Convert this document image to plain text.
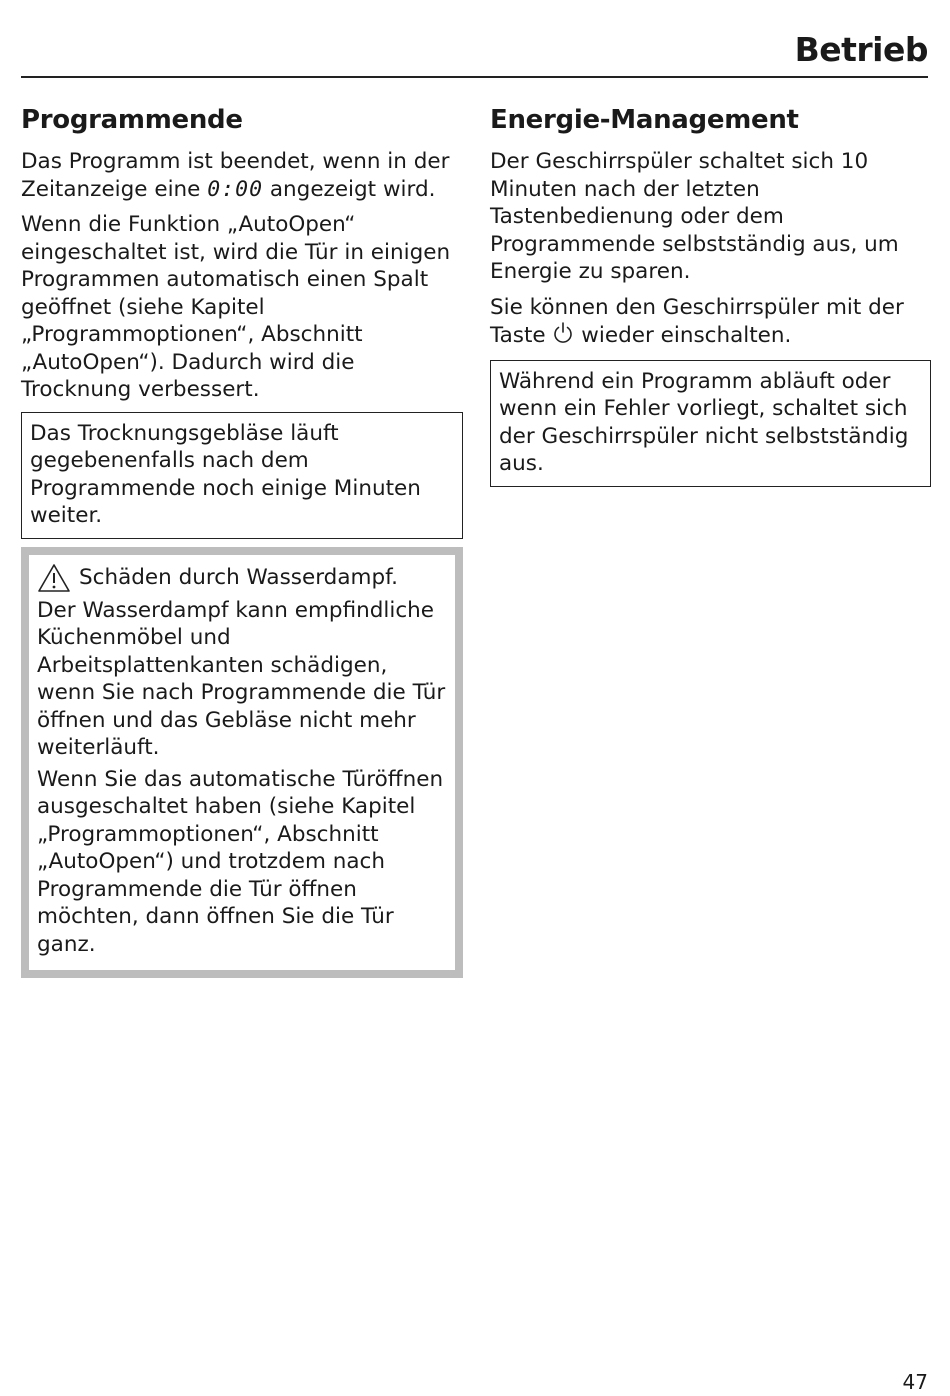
Betrieb
Programmende

Das Programm ist beendet, wenn in der Zeitanzeige eine 0:00 angezeigt wird.

Wenn die Funktion „AutoOpen“ eingeschaltet ist, wird die Tür in einigen Programmen automatisch einen Spalt geöffnet (siehe Kapitel „Programmoptionen“, Abschnitt „AutoOpen“). Dadurch wird die Trocknung verbessert.

Das Trocknungsgebläse läuft gegebenenfalls nach dem Programmende noch einige Minuten weiter.

Schäden durch Wasserdampf.

Der Wasserdampf kann empfindliche Küchenmöbel und Arbeitsplattenkanten schädigen, wenn Sie nach Programmende die Tür öffnen und das Gebläse nicht mehr weiterläuft.

Wenn Sie das automatische Türöffnen ausgeschaltet haben (siehe Kapitel „Programmoptionen“, Abschnitt „AutoOpen“) und trotzdem nach Programmende die Tür öffnen möchten, dann öffnen Sie die Tür ganz.

Energie-Management

Der Geschirrspüler schaltet sich 10 Minuten nach der letzten Tastenbedienung oder dem Programmende selbstständig aus, um Energie zu sparen.

Sie können den Geschirrspüler mit der Taste  wieder einschalten.

Während ein Programm abläuft oder wenn ein Fehler vorliegt, schaltet sich der Geschirrspüler nicht selbstständig aus.

47
